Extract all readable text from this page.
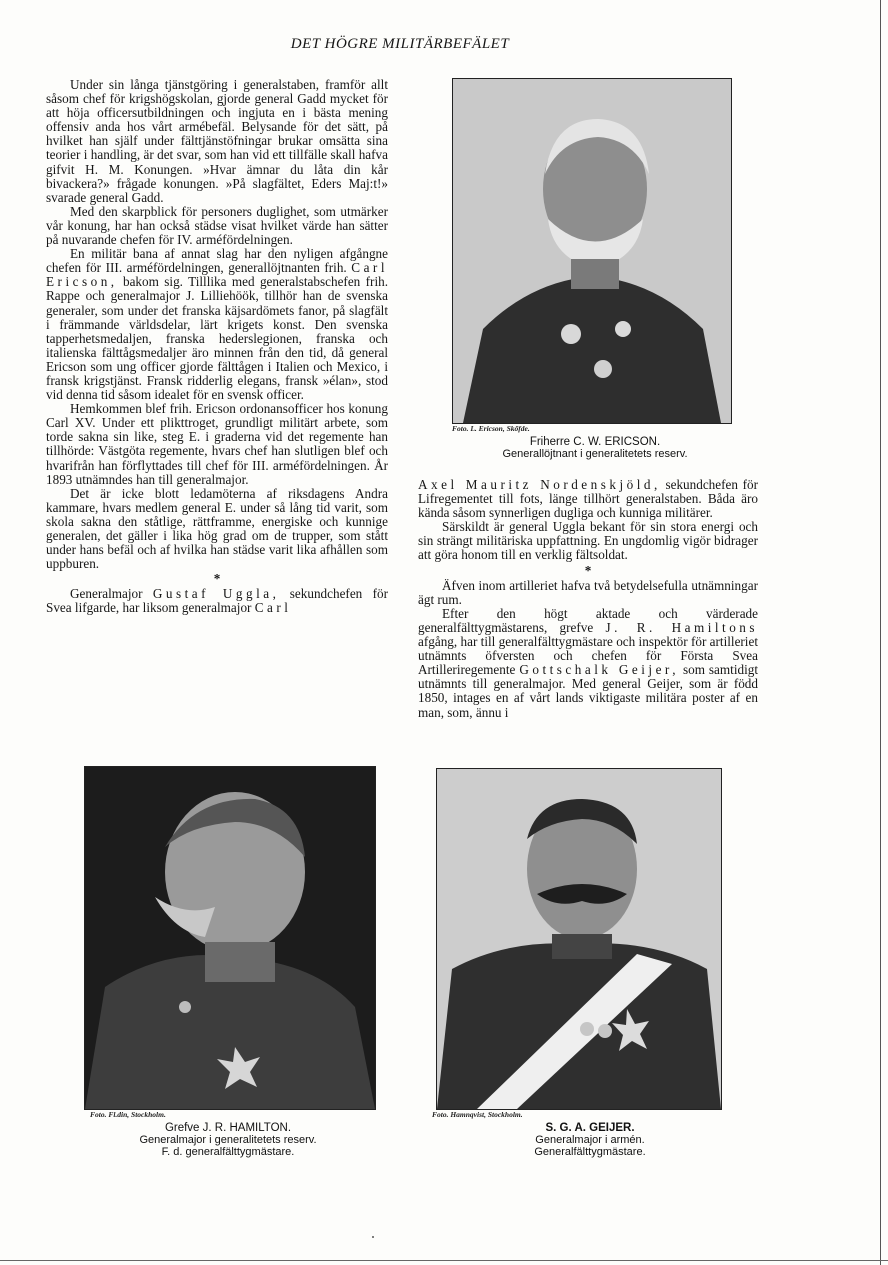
DET HÖGRE MILITÄRBEFÄLET

Under sin långa tjänstgöring i generalstaben, framför allt såsom chef för krigshögskolan, gjorde general Gadd mycket för att höja officersutbildningen och ingjuta en i bästa mening offensiv anda hos vårt armébefäl. Belysande för det sätt, på hvilket han själf under fälttjänstöfningar brukar omsätta sina teorier i handling, är det svar, som han vid ett tillfälle skall hafva gifvit H. M. Konungen. »Hvar ämnar du låta din kår bivackera?» frågade konungen. »På slagfältet, Eders Maj:t!» svarade general Gadd.

Med den skarpblick för personers duglighet, som utmärker vår konung, har han också städse visat hvilket värde han sätter på nuvarande chefen för IV. arméfördelningen.

En militär bana af annat slag har den nyligen afgångne chefen för III. arméfördelningen, generallöjtnanten frih. Carl Ericson, bakom sig. Tilllika med generalstabschefen frih. Rappe och generalmajor J. Lilliehöök, tillhör han de svenska generaler, som under det franska käjsardömets fanor, på slagfält i främmande världsdelar, lärt krigets konst. Den svenska tapperhetsmedaljen, franska hederslegionen, franska och italienska fälttågsmedaljer äro minnen från den tid, då general Ericson som ung officer gjorde fälttågen i Italien och Mexico, i fransk krigstjänst. Fransk ridderlig elegans, fransk »élan», stod vid denna tid såsom idealet för en svensk officer.

Hemkommen blef frih. Ericson ordonansofficer hos konung Carl XV. Under ett plikttroget, grundligt militärt arbete, som torde sakna sin like, steg E. i graderna vid det regemente han tillhörde: Västgöta regemente, hvars chef han slutligen blef och hvarifrån han förflyttades till chef för III. arméfördelningen. År 1893 utnämndes han till generalmajor.

Det är icke blott ledamöterna af riksdagens Andra kammare, hvars medlem general E. under så lång tid varit, som skola sakna den ståtlige, rättframme, energiske och kunnige generalen, det gäller i lika hög grad om de trupper, som stått under hans befäl och af hvilka han städse varit lika afhållen som uppburen.

*

Generalmajor Gustaf Uggla, sekundchefen för Svea lifgarde, har liksom generalmajor Carl

Foto. L. Ericson, Skőfde.
Friherre C. W. ERICSON.
Generallöjtnant i generalitetets reserv.

Axel Mauritz Nordenskjöld, sekundchefen för Lifregementet till fots, länge tillhört generalstaben. Båda äro kända såsom synnerligen dugliga och kunniga militärer.

Särskildt är general Uggla bekant för sin stora energi och sin strängt militäriska uppfattning. En ungdomlig vigör bidrager att göra honom till en verklig fältsoldat.

*

Äfven inom artilleriet hafva två betydelsefulla utnämningar ägt rum.

Efter den högt aktade och värderade generalfälttygmästarens, grefve J. R. Hamiltons afgång, har till generalfälttygmästare och inspektör för artilleriet utnämnts öfversten och chefen för Första Svea Artilleriregemente Gottschalk Geijer, som samtidigt utnämnts till generalmajor. Med general Geijer, som är född 1850, intages en af vårt lands viktigaste militära poster af en man, som, ännu i

Foto. Fl.din, Stockholm.
Grefve J. R. HAMILTON.
Generalmajor i generalitetets reserv.
F. d. generalfälttygmästare.
Foto. Hamnqvist, Stockholm.
S. G. A. GEIJER.
Generalmajor i armén.
Generalfälttygmästare.
